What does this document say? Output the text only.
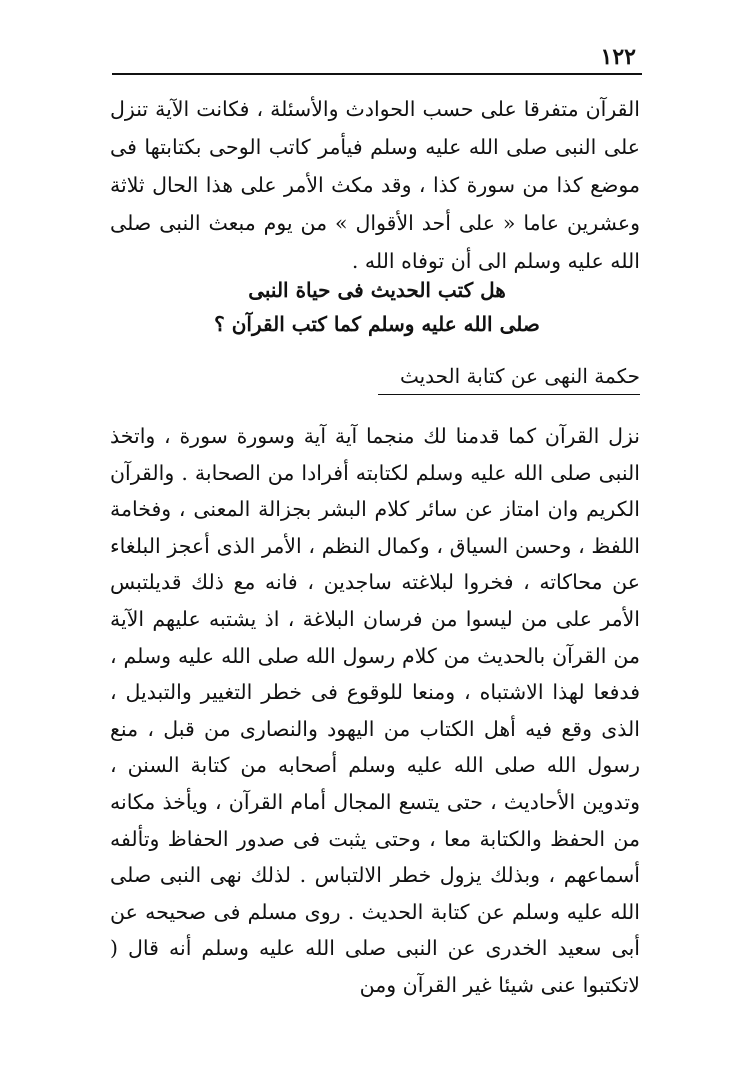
١٢٢

القرآن متفرقا على حسب الحوادث والأسئلة ، فكانت الآية تنزل على النبى صلى الله عليه وسلم فيأمر كاتب الوحى بكتابتها فى موضع كذا من سورة كذا ، وقد مكث الأمر على هذا الحال ثلاثة وعشرين عاما « على أحد الأقوال » من يوم مبعث النبى صلى الله عليه وسلم الى أن توفاه الله .

هل كتب الحديث فى حياة النبى
صلى الله عليه وسلم كما كتب القرآن ؟
حكمة النهى عن كتابة الحديث

نزل القرآن كما قدمنا لك منجما آية آية وسورة سورة ، واتخذ النبى صلى الله عليه وسلم لكتابته أفرادا من الصحابة . والقرآن الكريم وان امتاز عن سائر كلام البشر بجزالة المعنى ، وفخامة اللفظ ، وحسن السياق ، وكمال النظم ، الأمر الذى أعجز البلغاء عن محاكاته ، فخروا لبلاغته ساجدين ، فانه مع ذلك قديلتبس الأمر على من ليسوا من فرسان البلاغة ، اذ يشتبه عليهم الآية من القرآن بالحديث من كلام رسول الله صلى الله عليه وسلم ، فدفعا لهذا الاشتباه ، ومنعا للوقوع فى خطر التغيير والتبديل ، الذى وقع فيه أهل الكتاب من اليهود والنصارى من قبل ، منع رسول الله صلى الله عليه وسلم أصحابه من كتابة السنن ، وتدوين الأحاديث ، حتى يتسع المجال أمام القرآن ، ويأخذ مكانه من الحفظ والكتابة معا ، وحتى يثبت فى صدور الحفاظ وتألفه أسماعهم ، وبذلك يزول خطر الالتباس . لذلك نهى النبى صلى الله عليه وسلم عن كتابة الحديث . روى مسلم فى صحيحه عن أبى سعيد الخدرى عن النبى صلى الله عليه وسلم أنه قال ( لاتكتبوا عنى شيئا غير القرآن ومن
